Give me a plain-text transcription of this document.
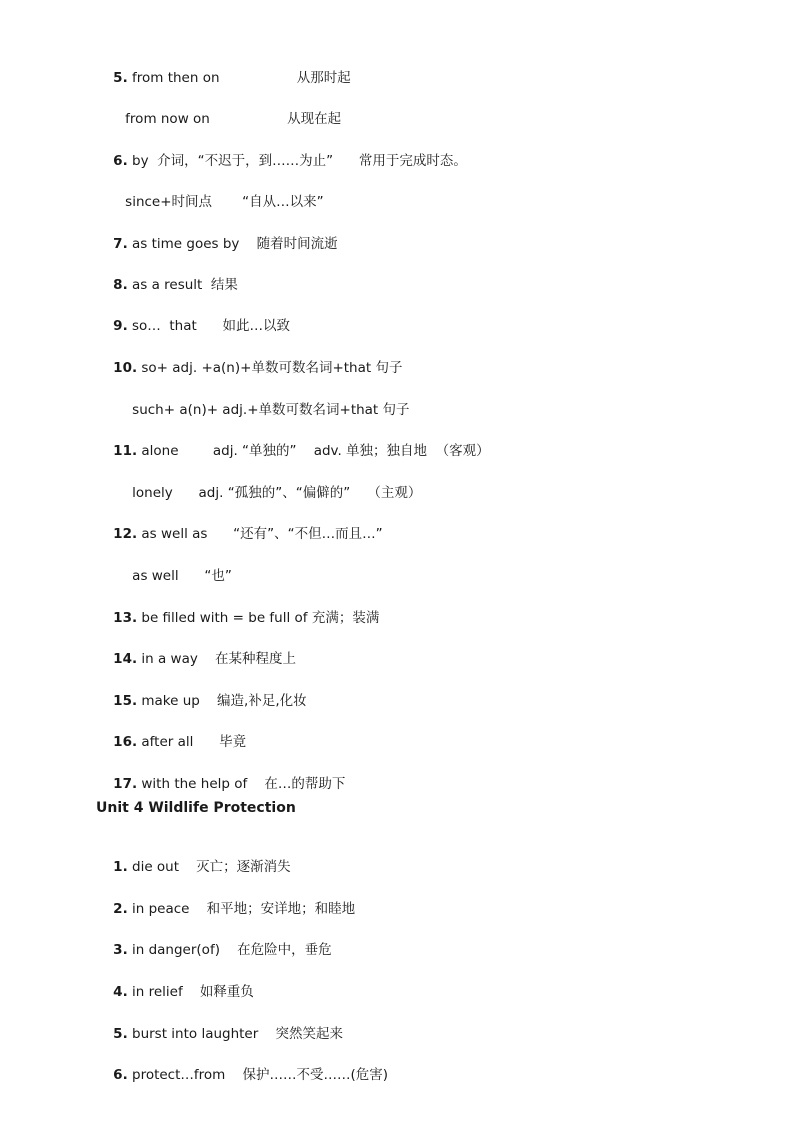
5. from then on                  从那时起

from now on                  从现在起

6. by  介词，“不迟于，到……为止”      常用于完成时态。

since+时间点       “自从…以来”

7. as time goes by    随着时间流逝

8. as a result  结果

9. so…  that      如此…以致

10. so+ adj. +a(n)+单数可数名词+that 句子

such+ a(n)+ adj.+单数可数名词+that 句子

11. alone        adj. “单独的”    adv. 单独；独自地  （客观）

lonely      adj. “孤独的”、“偏僻的”    （主观）

12. as well as      “还有”、“不但…而且…”

as well      “也”

13. be filled with = be full of 充满；装满

14. in a way    在某种程度上

15. make up    编造,补足,化妆

16. after all      毕竟

17. with the help of    在…的帮助下

Unit 4 Wildlife Protection

1. die out    灭亡；逐渐消失

2. in peace    和平地；安详地；和睦地

3. in danger(of)    在危险中，垂危

4. in relief    如释重负

5. burst into laughter    突然笑起来

6. protect…from    保护……不受……(危害)
